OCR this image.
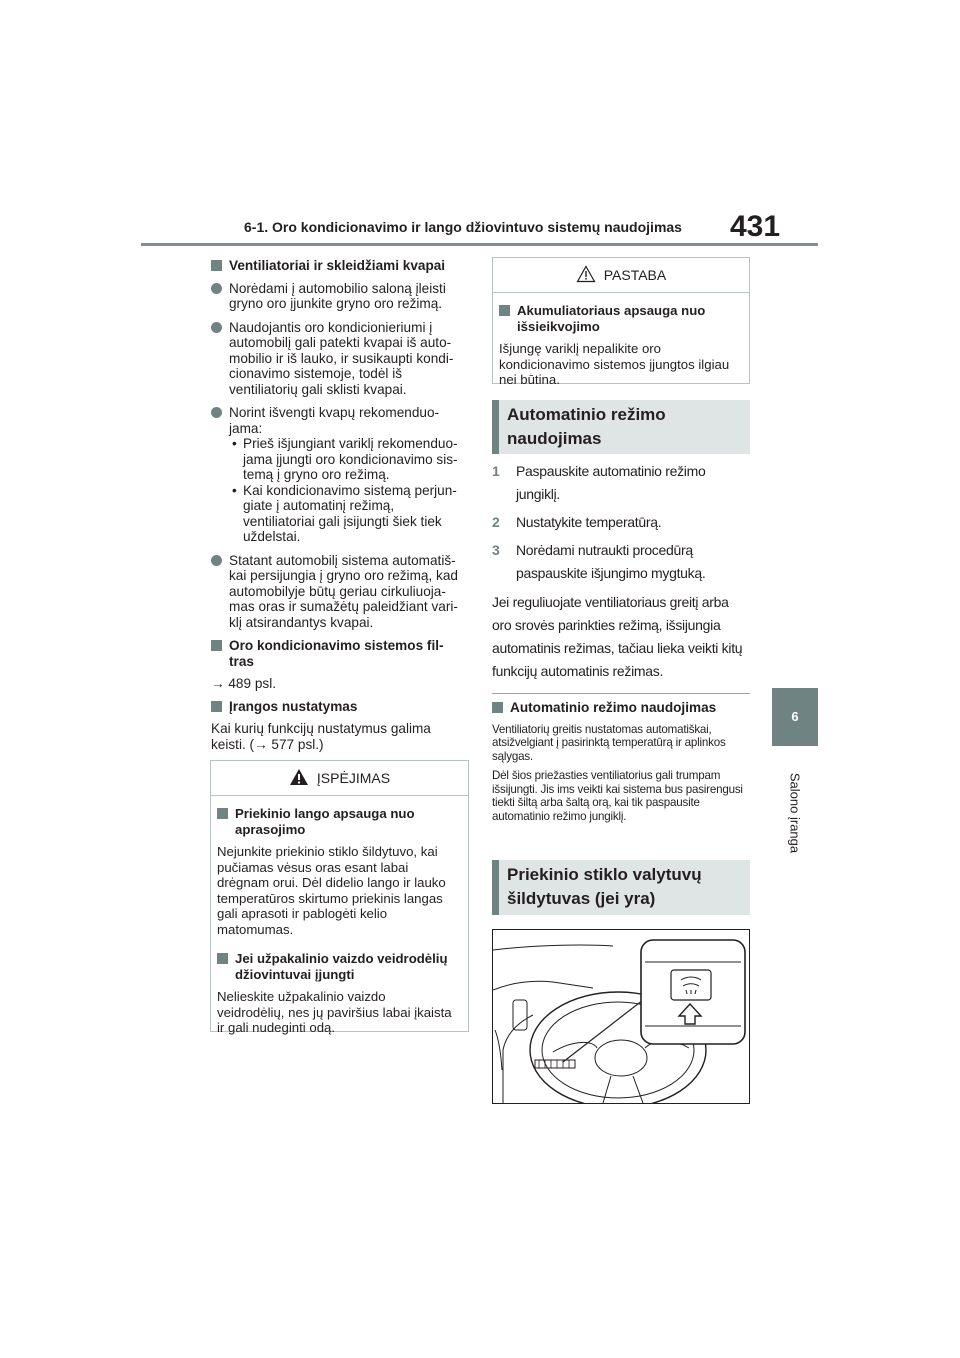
6-1. Oro kondicionavimo ir lango džiovintuvo sistemų naudojimas 431
6
Salono įranga

Ventiliatoriai ir skleidžiami kvapai

Norėdami į automobilio saloną įleisti gryno oro įjunkite gryno oro režimą.

Naudojantis oro kondicionieriumi į automobilį gali patekti kvapai iš auto-mobilio ir iš lauko, ir susikaupti kondi-cionavimo sistemoje, todėl iš ventiliatorių gali sklisti kvapai.

Norint išvengti kvapų rekomenduo-jama:

• Prieš išjungiant variklį rekomenduo-jama įjungti oro kondicionavimo sis-temą į gryno oro režimą.

• Kai kondicionavimo sistemą perjun-giate į automatinį režimą, ventiliatoriai gali įsijungti šiek tiek uždelstai.

Statant automobilį sistema automatiš-kai persijungia į gryno oro režimą, kad automobilyje būtų geriau cirkuliuoja-mas oras ir sumažėtų paleidžiant vari-klį atsirandantys kvapai.

Oro kondicionavimo sistemos fil-tras

→ 489 psl.

Įrangos nustatymas

Kai kurių funkcijų nustatymus galima keisti. (→ 577 psl.)

ĮSPĖJIMAS

Priekinio lango apsauga nuo aprasojimo

Nejunkite priekinio stiklo šildytuvo, kai pučiamas vėsus oras esant labai drėgnam orui. Dėl didelio lango ir lauko temperatūros skirtumo priekinis langas gali aprasoti ir pablogėti kelio matomumas.

Jei užpakalinio vaizdo veidrodėlių džiovintuvai įjungti

Nelieskite užpakalinio vaizdo veidrodėlių, nes jų paviršius labai įkaista ir gali nudeginti odą.

PASTABA

Akumuliatoriaus apsauga nuo išsieikvojimo

Išjungę variklį nepalikite oro kondicionavimo sistemos įjungtos ilgiau nei būtina.

Automatinio režimo naudojimas
1 Paspauskite automatinio režimo jungiklį.
2 Nustatykite temperatūrą.
3 Norėdami nutraukti procedūrą paspauskite išjungimo mygtuką.
Jei reguliuojate ventiliatoriaus greitį arba oro srovės parinkties režimą, išsijungia automatinis režimas, tačiau lieka veikti kitų funkcijų automatinis režimas.

Automatinio režimo naudojimas

Ventiliatorių greitis nustatomas automatiškai, atsižvelgiant į pasirinktą temperatūrą ir aplinkos sąlygas.

Dėl šios priežasties ventiliatorius gali trumpam išsijungti. Jis ims veikti kai sistema bus pasirengusi tiekti šiltą arba šaltą orą, kai tik paspausite automatinio režimo jungiklį.

Priekinio stiklo valytuvų šildytuvas (jei yra)
